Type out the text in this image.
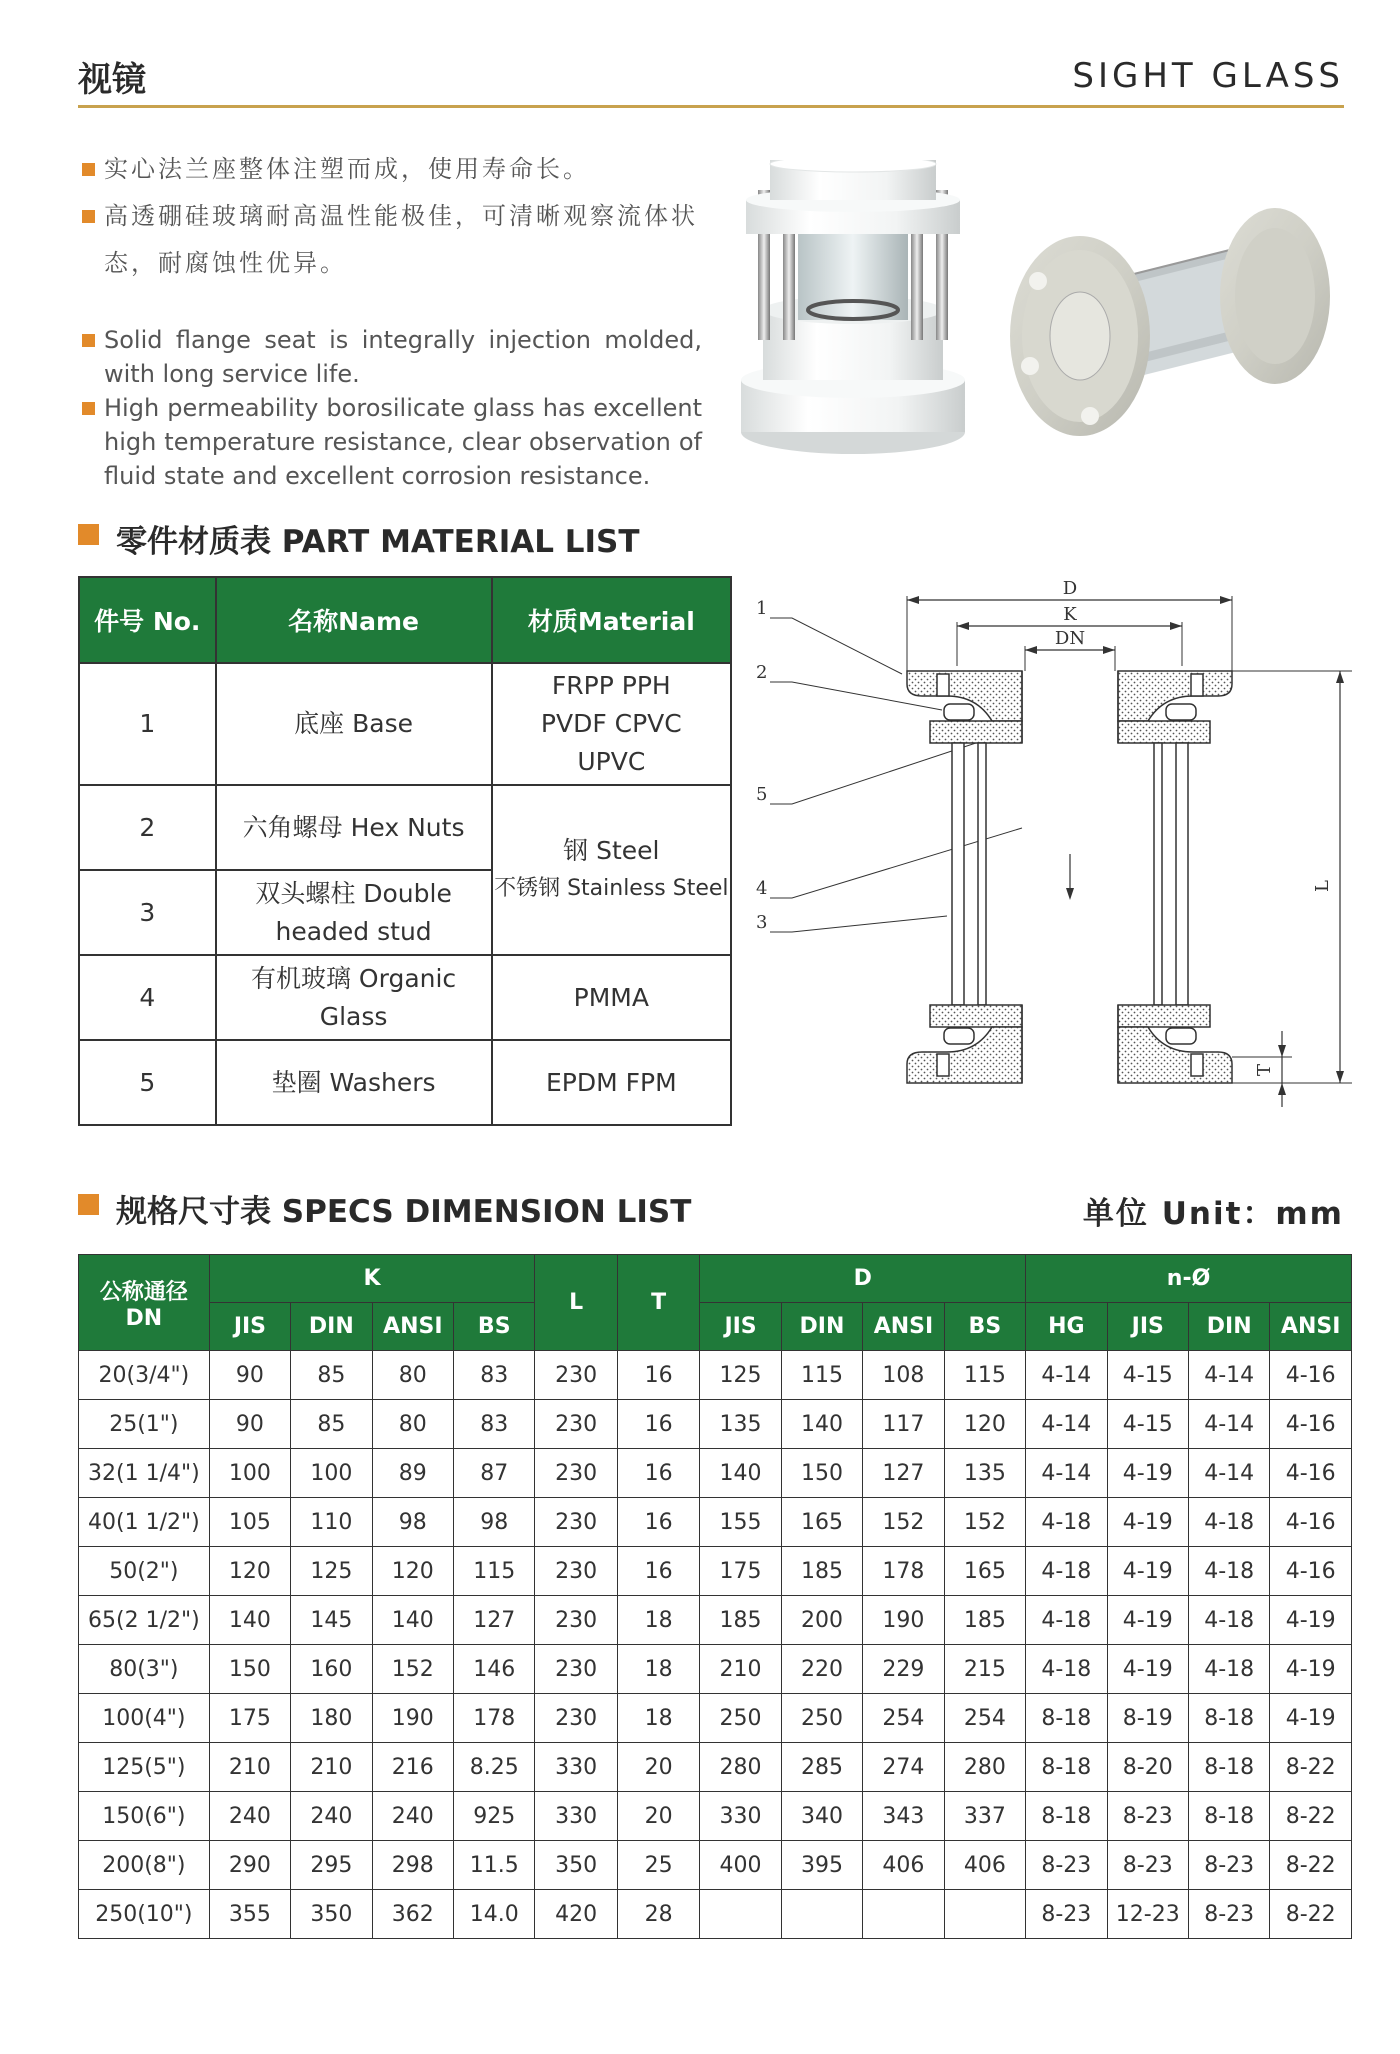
视镜	SIGHT GLASS
实心法兰座整体注塑而成，使用寿命长。
高透硼硅玻璃耐高温性能极佳，可清晰观察流体状态，耐腐蚀性优异。
Solid flange seat is integrally injection molded, with long service life.
High permeability borosilicate glass has excellent high temperature resistance, clear observation of fluid state and excellent corrosion resistance.
零件材质表 PART MATERIAL LIST
件号 No.	名称Name	材质Material
1	底座 Base	FRPP PPH PVDF CPVC UPVC
2	六角螺母 Hex Nuts	钢 Steel
不锈钢 Stainless Steel

3	双头螺柱 Double headed stud	
4	有机玻璃 Organic Glass	PMMA
5	垫圈 Washers	EPDM FPM
D
K
DN
L
T
1
2
5
4
3
规格尺寸表 SPECS DIMENSION LIST	单位 Unit：mm
公称通径
DN	K				L	T	D				n-Ø			
	JIS	DIN	ANSI	BS			JIS	DIN	ANSI	BS	HG	JIS	DIN	ANSI
20(3/4")	90	85	80	83	230	16	125	115	108	115	4-14	4-15	4-14	4-16
25(1")	90	85	80	83	230	16	135	140	117	120	4-14	4-15	4-14	4-16
32(1 1/4")	100	100	89	87	230	16	140	150	127	135	4-14	4-19	4-14	4-16
40(1 1/2")	105	110	98	98	230	16	155	165	152	152	4-18	4-19	4-18	4-16
50(2")	120	125	120	115	230	16	175	185	178	165	4-18	4-19	4-18	4-16
65(2 1/2")	140	145	140	127	230	18	185	200	190	185	4-18	4-19	4-18	4-19
80(3")	150	160	152	146	230	18	210	220	229	215	4-18	4-19	4-18	4-19
100(4")	175	180	190	178	230	18	250	250	254	254	8-18	8-19	8-18	4-19
125(5")	210	210	216	8.25	330	20	280	285	274	280	8-18	8-20	8-18	8-22
150(6")	240	240	240	925	330	20	330	340	343	337	8-18	8-23	8-18	8-22
200(8")	290	295	298	11.5	350	25	400	395	406	406	8-23	8-23	8-23	8-22
250(10")	355	350	362	14.0	420	28					8-23	12-23	8-23	8-22
